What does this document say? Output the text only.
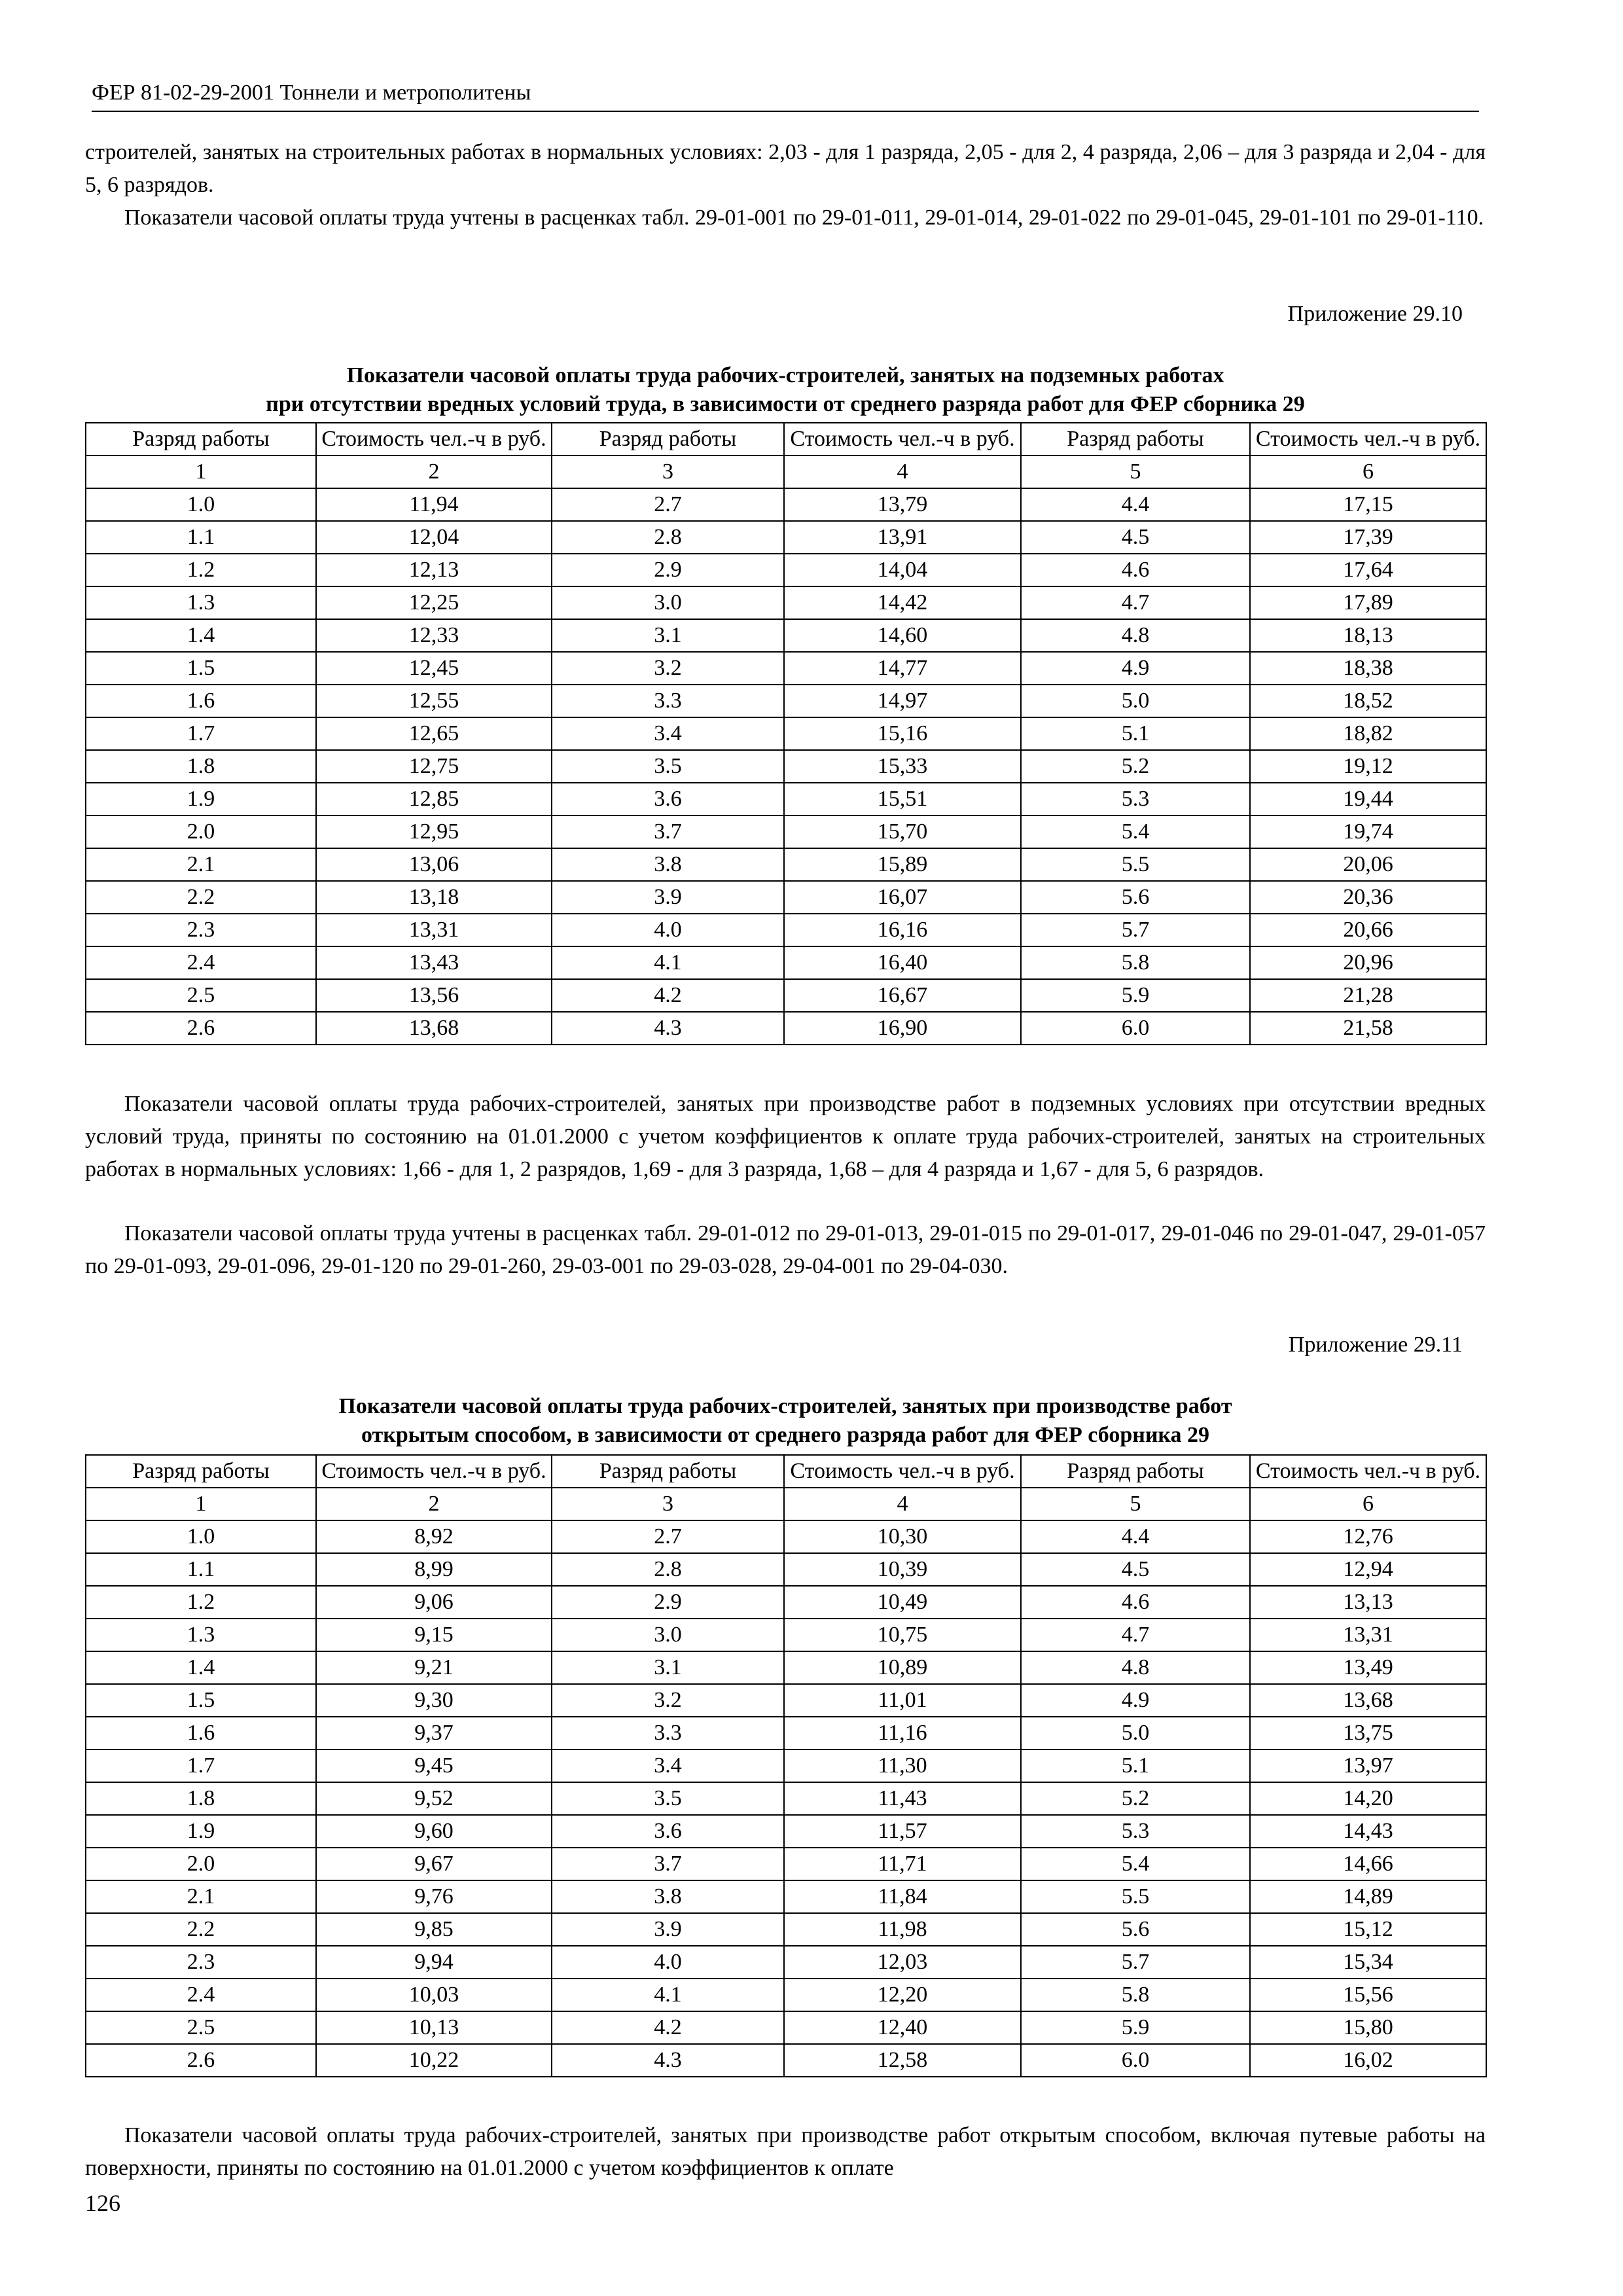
ФЕР 81-02-29-2001 Тоннели и метрополитены

строителей, занятых на строительных работах в нормальных условиях: 2,03 - для 1 разряда, 2,05 - для 2, 4 разряда, 2,06 – для 3 разряда и 2,04 - для 5, 6 разрядов.

Показатели часовой оплаты труда учтены в расценках табл. 29-01-001 по 29-01-011, 29-01-014, 29-01-022 по 29-01-045, 29-01-101 по 29-01-110.

Приложение 29.10
Показатели часовой оплаты труда рабочих-строителей, занятых на подземных работах
при отсутствии вредных условий труда, в зависимости от среднего разряда работ для ФЕР сборника 29
Разряд работы	Стоимость чел.-ч в руб.	Разряд работы	Стоимость чел.-ч в руб.	Разряд работы	Стоимость чел.-ч в руб.
1	2	3	4	5	6
1.0	11,94	2.7	13,79	4.4	17,15
1.1	12,04	2.8	13,91	4.5	17,39
1.2	12,13	2.9	14,04	4.6	17,64
1.3	12,25	3.0	14,42	4.7	17,89
1.4	12,33	3.1	14,60	4.8	18,13
1.5	12,45	3.2	14,77	4.9	18,38
1.6	12,55	3.3	14,97	5.0	18,52
1.7	12,65	3.4	15,16	5.1	18,82
1.8	12,75	3.5	15,33	5.2	19,12
1.9	12,85	3.6	15,51	5.3	19,44
2.0	12,95	3.7	15,70	5.4	19,74
2.1	13,06	3.8	15,89	5.5	20,06
2.2	13,18	3.9	16,07	5.6	20,36
2.3	13,31	4.0	16,16	5.7	20,66
2.4	13,43	4.1	16,40	5.8	20,96
2.5	13,56	4.2	16,67	5.9	21,28
2.6	13,68	4.3	16,90	6.0	21,58

Показатели часовой оплаты труда рабочих-строителей, занятых при производстве работ в подземных условиях при отсутствии вредных условий труда, приняты по состоянию на 01.01.2000 с учетом коэффициентов к оплате труда рабочих-строителей, занятых на строительных работах в нормальных условиях: 1,66 - для 1, 2 разрядов, 1,69 - для 3 разряда, 1,68 – для 4 разряда и 1,67 - для 5, 6 разрядов.

Показатели часовой оплаты труда учтены в расценках табл. 29-01-012 по 29-01-013, 29-01-015 по 29-01-017, 29-01-046 по 29-01-047, 29-01-057 по 29-01-093, 29-01-096, 29-01-120 по 29-01-260, 29-03-001 по 29-03-028, 29-04-001 по 29-04-030.

Приложение 29.11
Показатели часовой оплаты труда рабочих-строителей, занятых при производстве работ
открытым способом, в зависимости от среднего разряда работ для ФЕР сборника 29
Разряд работы	Стоимость чел.-ч в руб.	Разряд работы	Стоимость чел.-ч в руб.	Разряд работы	Стоимость чел.-ч в руб.
1	2	3	4	5	6
1.0	8,92	2.7	10,30	4.4	12,76
1.1	8,99	2.8	10,39	4.5	12,94
1.2	9,06	2.9	10,49	4.6	13,13
1.3	9,15	3.0	10,75	4.7	13,31
1.4	9,21	3.1	10,89	4.8	13,49
1.5	9,30	3.2	11,01	4.9	13,68
1.6	9,37	3.3	11,16	5.0	13,75
1.7	9,45	3.4	11,30	5.1	13,97
1.8	9,52	3.5	11,43	5.2	14,20
1.9	9,60	3.6	11,57	5.3	14,43
2.0	9,67	3.7	11,71	5.4	14,66
2.1	9,76	3.8	11,84	5.5	14,89
2.2	9,85	3.9	11,98	5.6	15,12
2.3	9,94	4.0	12,03	5.7	15,34
2.4	10,03	4.1	12,20	5.8	15,56
2.5	10,13	4.2	12,40	5.9	15,80
2.6	10,22	4.3	12,58	6.0	16,02

Показатели часовой оплаты труда рабочих-строителей, занятых при производстве работ открытым способом, включая путевые работы на поверхности, приняты по состоянию на 01.01.2000 с учетом коэффициентов к оплате

126
